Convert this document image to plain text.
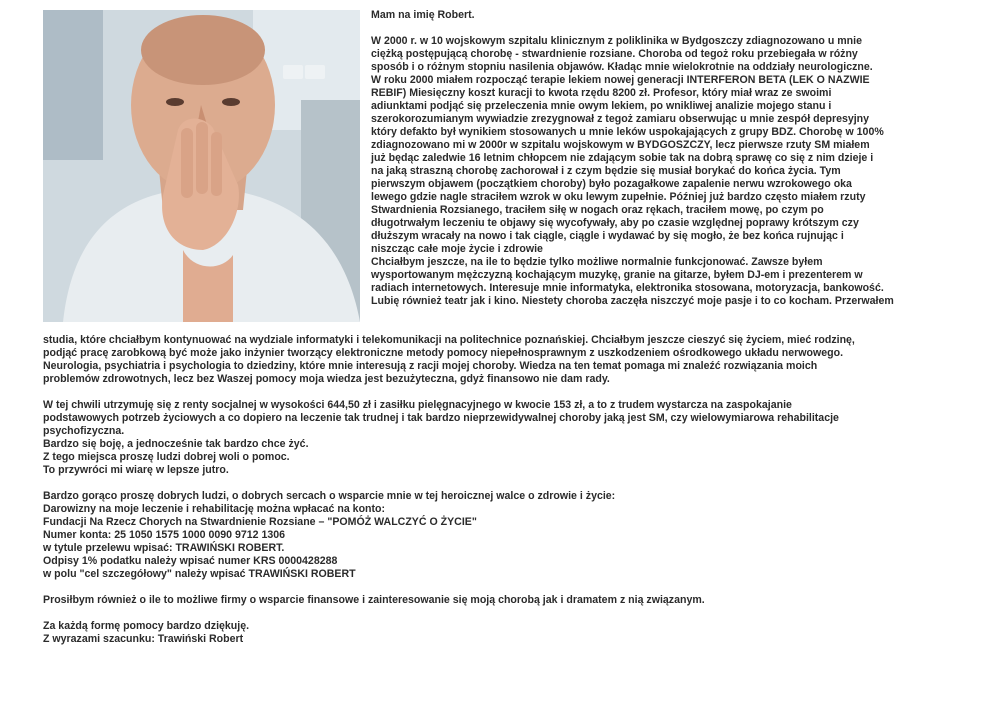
Mam na imię Robert.
W 2000 r. w 10 wojskowym szpitalu klinicznym z poliklinika w Bydgoszczy zdiagnozowano u mnie
ciężką postępującą chorobę - stwardnienie rozsiane. Choroba od tegoż roku przebiegała w różny
sposób i o różnym stopniu nasilenia objawów. Kładąc mnie wielokrotnie na oddziały neurologiczne.
W roku 2000 miałem rozpocząć terapie lekiem nowej generacji INTERFERON BETA (LEK O NAZWIE
REBIF) Miesięczny koszt kuracji to kwota rzędu 8200 zł. Profesor, który miał wraz ze swoimi
adiunktami podjąć się przeleczenia mnie owym lekiem, po wnikliwej analizie mojego stanu i
szerokorozumianym wywiadzie zrezygnował z tegoż zamiaru obserwując u mnie zespół depresyjny
który defakto był wynikiem stosowanych u mnie leków uspokajających z grupy BDZ. Chorobę w 100%
zdiagnozowano mi w 2000r w szpitalu wojskowym w BYDGOSZCZY, lecz pierwsze rzuty SM miałem
już będąc zaledwie 16 letnim chłopcem nie zdającym sobie tak na dobrą sprawę co się z nim dzieje i
na jaką straszną chorobę zachorował i z czym będzie się musiał borykać do końca życia. Tym
pierwszym objawem (początkiem choroby) było pozagałkowe zapalenie nerwu wzrokowego oka
lewego gdzie nagle straciłem wzrok w oku lewym zupełnie. Później już bardzo często miałem rzuty
Stwardnienia Rozsianego, traciłem siłę w nogach oraz rękach, traciłem mowę, po czym po
długotrwałym leczeniu te objawy się wycofywały, aby po czasie względnej poprawy krótszym czy
dłuższym wracały na nowo i tak ciągle, ciągle i wydawać by się mogło, że bez końca rujnując i
niszcząc całe moje życie i zdrowie
Chciałbym jeszcze, na ile to będzie tylko możliwe normalnie funkcjonować. Zawsze byłem
wysportowanym mężczyzną kochającym muzykę, granie na gitarze, byłem DJ-em i prezenterem w
radiach internetowych. Interesuje mnie informatyka, elektronika stosowana, motoryzacja, bankowość.
Lubię również teatr jak i kino. Niestety choroba zaczęła niszczyć moje pasje i to co kocham. Przerwałem
studia, które chciałbym kontynuować na wydziale informatyki i telekomunikacji na politechnice poznańskiej. Chciałbym jeszcze cieszyć się życiem, mieć rodzinę,
podjąć pracę zarobkową być może jako inżynier tworzący elektroniczne metody pomocy niepełnosprawnym z uszkodzeniem ośrodkowego układu nerwowego.
Neurologia, psychiatria i psychologia to dziedziny, które mnie interesują z racji mojej choroby. Wiedza na ten temat pomaga mi znaleźć rozwiązania moich
problemów zdrowotnych, lecz bez Waszej pomocy moja wiedza jest bezużyteczna, gdyż finansowo nie dam rady.
W tej chwili utrzymuję się z renty socjalnej w wysokości 644,50 zł i zasiłku pielęgnacyjnego w kwocie 153 zł, a to z trudem wystarcza na zaspokajanie
podstawowych potrzeb życiowych a co dopiero na leczenie tak trudnej i tak bardzo nieprzewidywalnej choroby jaką jest SM, czy wielowymiarowa rehabilitacje
psychofizyczna.
Bardzo się boję, a jednocześnie tak bardzo chce żyć.
Z tego miejsca proszę ludzi dobrej woli o pomoc.
To przywróci mi wiarę w lepsze jutro.
Bardzo gorąco proszę dobrych ludzi, o dobrych sercach o wsparcie mnie w tej heroicznej walce o zdrowie i życie:
Darowizny na moje leczenie i rehabilitację można wpłacać na konto:
Fundacji Na Rzecz Chorych na Stwardnienie Rozsiane – "POMÓŻ WALCZYĆ O ŻYCIE"
Numer konta: 25 1050 1575 1000 0090 9712 1306
w tytule przelewu wpisać: TRAWIŃSKI ROBERT.
Odpisy 1% podatku należy wpisać numer KRS 0000428288
w polu "cel szczegółowy" należy wpisać TRAWIŃSKI ROBERT
Prosiłbym również o ile to możliwe firmy o wsparcie finansowe i zainteresowanie się moją chorobą jak i dramatem z nią związanym.
Za każdą formę pomocy bardzo dziękuję.
Z wyrazami szacunku: Trawiński Robert
